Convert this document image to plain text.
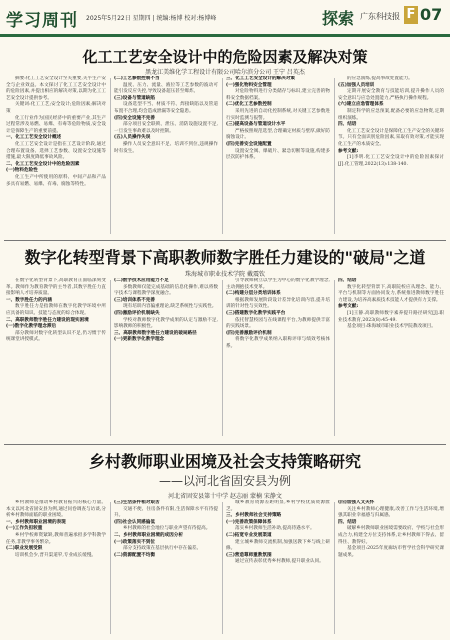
学习周刊 2025年5月22日 星期四 | 统编:杨博 校对:杨博峰	探索 广东科技报 F 07
化工工艺安全设计中的危险因素及解决对策
黑龙江美维化学工程设计有限公司哈尔滨分公司 王宁 吕英杰

摘要:化工工艺安全设计至关重要,关乎生产安全与企业效益。本文探讨了化工工艺安全设计中的危险因素,并提出相应的解决对策,以期为化工工艺安全设计提供参考。

关键词:化工工艺;安全设计;危险因素;解决对策

化工行业作为国民经济中的重要产业,其生产过程常涉及易燃、易爆、有毒等危险物质,安全设计是保障生产的重要前提。

一、化工工艺安全设计概述

化工工艺安全设计是指在工艺设计阶段,通过合理布置设备、选择工艺参数、设置安全设施等措施,最大限度降低事故风险。

二、化工工艺安全设计中的危险因素

(一)物料危险性

化工生产中所使用的原料、中间产品和产品多具有易燃、易爆、有毒、腐蚀等特性。

(二)工艺参数控制不当

温度、压力、流量、液位等工艺参数的波动可能引发反应失控,导致设备超压甚至爆炸。

(三)设备与管道缺陷

设备选型不当、材质不符、焊接缺陷以及管道布置不合理,均会造成泄漏等安全隐患。

(四)安全设施不完善

部分项目安全联锁、泄压、消防设施设置不足,一旦发生事故难以及时控制。

(五)人员操作失误

操作人员安全意识不足、培训不到位,违规操作时有发生。

三、化工工艺安全设计的解决对策

(一)强化物料安全管理

对危险物料进行分类储存与标识,建立完善的物料安全数据档案。

(二)优化工艺参数控制

采用先进的自动化控制系统,对关键工艺参数进行实时监测与报警。

(三)提高设备与管道设计水平

严格按照规范选型,合理确定材质与壁厚,做好防腐蚀设计。

(四)完善安全设施配置

设置安全阀、爆破片、紧急切断等设施,构建多层次防护体系。

的应急演练,提高事故处置能力。

(五)加强人员培训

定期开展安全教育与技能培训,提升操作人员的安全意识与应急处置能力,严格执行操作规程。

(六)建立应急管理体系

制定科学的应急预案,配备必要的应急物资,定期组织演练。

四、结语

化工工艺安全设计是保障化工生产安全的关键环节。只有全面识别危险因素,采取有效对策,才能实现化工生产的本质安全。

参考文献:

[1]李明.化工工艺安全设计中的危险因素探讨[J].化工管理,2022(13):138-140.

数字化转型背景下高职教师数字胜任力建设的"破局"之道
珠海城市职业技术学院 戴震钦

在数字化转型背景下,高职教育正面临深刻变革。教师作为教育教学的主导者,其数字胜任力直接影响人才培养质量。

一、数字胜任力的内涵

数字胜任力是指教师在数字化教学环境中所应具备的知识、技能与态度的综合体现。

二、高职教师数字胜任力建设的现实困境

(一)数字化教学理念滞后

部分教师对数字化转型认识不足,仍习惯于传统课堂讲授模式。

(二)数字技术应用能力不足

多数教师仅能完成基础的信息化操作,难以将数字技术与课程教学深度融合。

(三)培训体系不完善

现有培训内容偏重理论,缺乏系统性与实践性。

(四)激励评价机制缺失

学校对教师数字化教学成果的认定与激励不足,影响教师的积极性。

三、高职教师数字胜任力建设的破局路径

(一)更新数字化教学理念

引导教师树立以学生为中心的数字化教学理念,主动拥抱技术变革。

(二)构建分层分类培训体系

根据教师发展阶段设计差异化培训内容,提升培训的针对性与实效性。

(三)搭建数字化教学实践平台

依托智慧校园与在线课程平台,为教师提供丰富的实践场景。

(四)完善激励评价机制

将数字化教学成果纳入职称评审与绩效考核体系。

四、结语

数字化转型背景下,高职院校应从理念、能力、平台与机制等方面协同发力,系统推进教师数字胜任力建设,为培养高素质技术技能人才提供有力支撑。

参考文献:

[1]王静.高职教师数字素养提升路径研究[J].职业技术教育,2023(8):45-49.

基金项目:珠海城市职业技术学院教改项目。

乡村教师职业困境及社会支持策略研究
——以河北省固安县为例
河北省固安县第十中学 赵志丽 蒙楠 宋静文

乡村教师是推动乡村教育振兴的核心力量。本文以河北省固安县为例,通过问卷调查与访谈,分析乡村教师面临的职业困境。

一、乡村教师职业困境的表现

(一)工作负担较重

乡村学校师资紧缺,教师普遍承担多学科教学任务,非教学事务繁杂。

(二)职业发展受限

培训机会少,晋升渠道窄,专业成长缓慢。

(三)生活条件相对艰苦

交通不便、住房条件有限,生活保障水平有待提升。

(四)社会认同感偏低

乡村教师的社会地位与职业声望有待提高。

二、乡村教师职业困境的成因分析

(一)政策落实不到位

部分支持政策在基层执行中存在偏差。

(二)资源配置不均衡

城乡教育资源差距明显,乡村学校优质资源匮乏。

三、乡村教师社会支持策略

(一)完善政策保障体系

落实乡村教师生活补助,提高待遇水平。

(二)拓宽专业发展渠道

建立城乡教师交流机制,加强送教下乡与线上研修。

(三)营造尊师重教氛围

通过宣传表彰优秀乡村教师,提升职业认同。

(四)加强人文关怀

关注乡村教师心理健康,改善工作与生活环境,增强其职业幸福感与归属感。

四、结语

破解乡村教师职业困境需要政府、学校与社会形成合力,构建全方位支持体系,让乡村教师下得去、留得住、教得好。

基金项目:2025年度廊坊市哲学社会科学研究课题成果。
